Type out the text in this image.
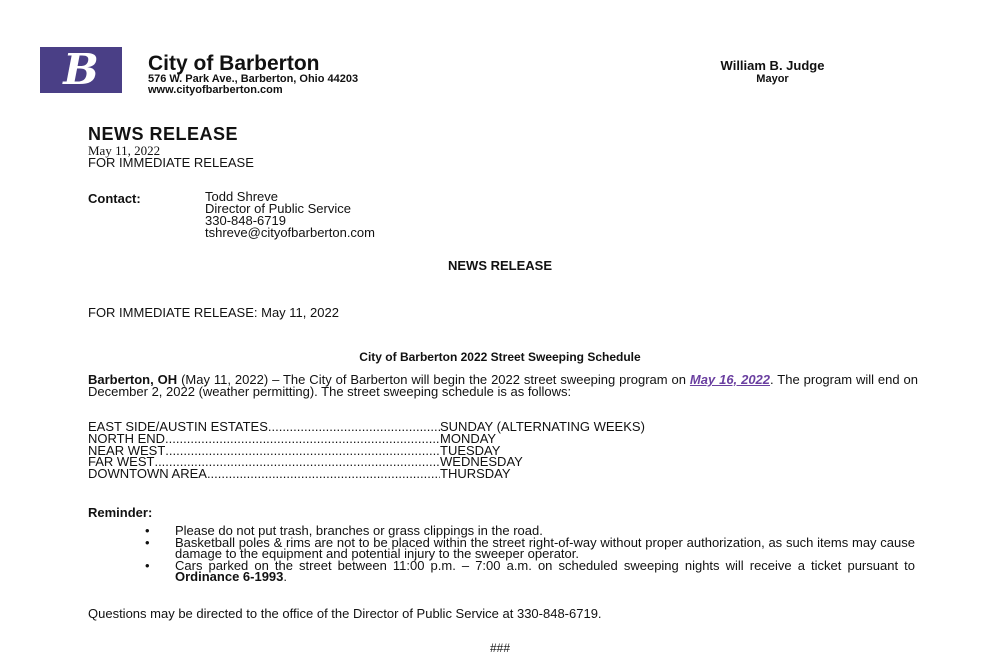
B City of Barberton
576 W. Park Ave., Barberton, Ohio 44203
www.cityofbarberton.com
William B. Judge
Mayor
NEWS RELEASE
May 11, 2022
FOR IMMEDIATE RELEASE
Contact:	Todd Shreve
Director of Public Service
330-848-6719
tshreve@cityofbarberton.com
NEWS RELEASE
FOR IMMEDIATE RELEASE: May 11, 2022
City of Barberton 2022 Street Sweeping Schedule
Barberton, OH (May 11, 2022) – The City of Barberton will begin the 2022 street sweeping program on May 16, 2022. The program will end on December 2, 2022 (weather permitting). The street sweeping schedule is as follows:
EAST SIDE/AUSTIN ESTATES .....	SUNDAY (ALTERNATING WEEKS)
NORTH END .....	MONDAY
NEAR WEST .....	TUESDAY
FAR WEST .....	WEDNESDAY
DOWNTOWN AREA .....	THURSDAY
Reminder:
• Please do not put trash, branches or grass clippings in the road.
• Basketball poles & rims are not to be placed within the street right-of-way without proper authorization, as such items may cause damage to the equipment and potential injury to the sweeper operator.
• Cars parked on the street between 11:00 p.m. – 7:00 a.m. on scheduled sweeping nights will receive a ticket pursuant to Ordinance 6-1993.
Questions may be directed to the office of the Director of Public Service at 330-848-6719.
###
